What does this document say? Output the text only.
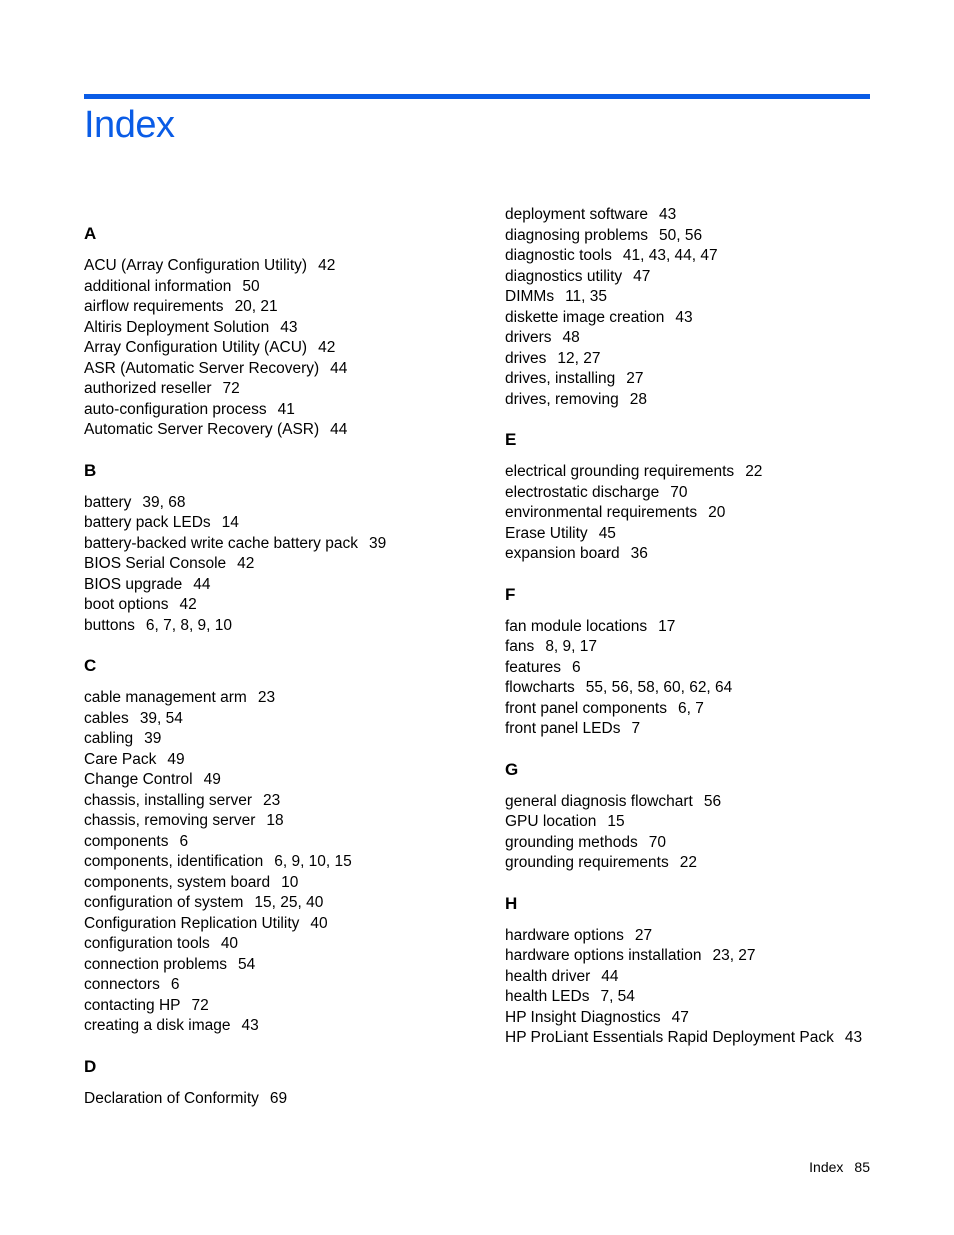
Index
A
ACU (Array Configuration Utility) 42
additional information 50
airflow requirements 20, 21
Altiris Deployment Solution 43
Array Configuration Utility (ACU) 42
ASR (Automatic Server Recovery) 44
authorized reseller 72
auto-configuration process 41
Automatic Server Recovery (ASR) 44
B
battery 39, 68
battery pack LEDs 14
battery-backed write cache battery pack 39
BIOS Serial Console 42
BIOS upgrade 44
boot options 42
buttons 6, 7, 8, 9, 10
C
cable management arm 23
cables 39, 54
cabling 39
Care Pack 49
Change Control 49
chassis, installing server 23
chassis, removing server 18
components 6
components, identification 6, 9, 10, 15
components, system board 10
configuration of system 15, 25, 40
Configuration Replication Utility 40
configuration tools 40
connection problems 54
connectors 6
contacting HP 72
creating a disk image 43
D
Declaration of Conformity 69
deployment software 43
diagnosing problems 50, 56
diagnostic tools 41, 43, 44, 47
diagnostics utility 47
DIMMs 11, 35
diskette image creation 43
drivers 48
drives 12, 27
drives, installing 27
drives, removing 28
E
electrical grounding requirements 22
electrostatic discharge 70
environmental requirements 20
Erase Utility 45
expansion board 36
F
fan module locations 17
fans 8, 9, 17
features 6
flowcharts 55, 56, 58, 60, 62, 64
front panel components 6, 7
front panel LEDs 7
G
general diagnosis flowchart 56
GPU location 15
grounding methods 70
grounding requirements 22
H
hardware options 27
hardware options installation 23, 27
health driver 44
health LEDs 7, 54
HP Insight Diagnostics 47
HP ProLiant Essentials Rapid Deployment Pack 43
Index 85
